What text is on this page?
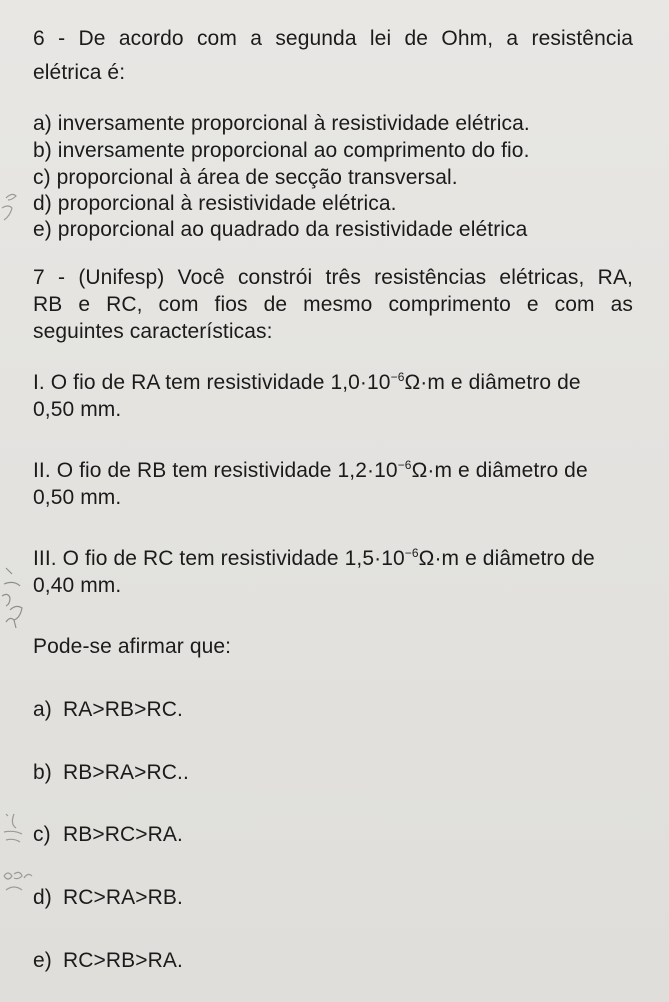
6 - De acordo com a segunda lei de Ohm, a resistência
elétrica é:
a) inversamente proporcional à resistividade elétrica.
b) inversamente proporcional ao comprimento do fio.
c) proporcional à área de secção transversal.
d) proporcional à resistividade elétrica.
e) proporcional ao quadrado da resistividade elétrica
7 - (Unifesp) Você constrói três resistências elétricas, RA,
RB e RC, com fios de mesmo comprimento e com as
seguintes características:
I. O fio de RA tem resistividade $1,0\cdot 10^{-6}\Omega\cdot m$ e diâmetro de
0,50 mm.
II. O fio de RB tem resistividade $1,2\cdot 10^{-6}\Omega\cdot m$ e diâmetro de
0,50 mm.
III. O fio de RC tem resistividade $1,5\cdot 10^{-6}\Omega\cdot m$ e diâmetro de
0,40 mm.
Pode-se afirmar que:
a) RA>RB>RC.
b) RB>RA>RC..
c) RB>RC>RA.
d) RC>RA>RB.
e) RC>RB>RA.
